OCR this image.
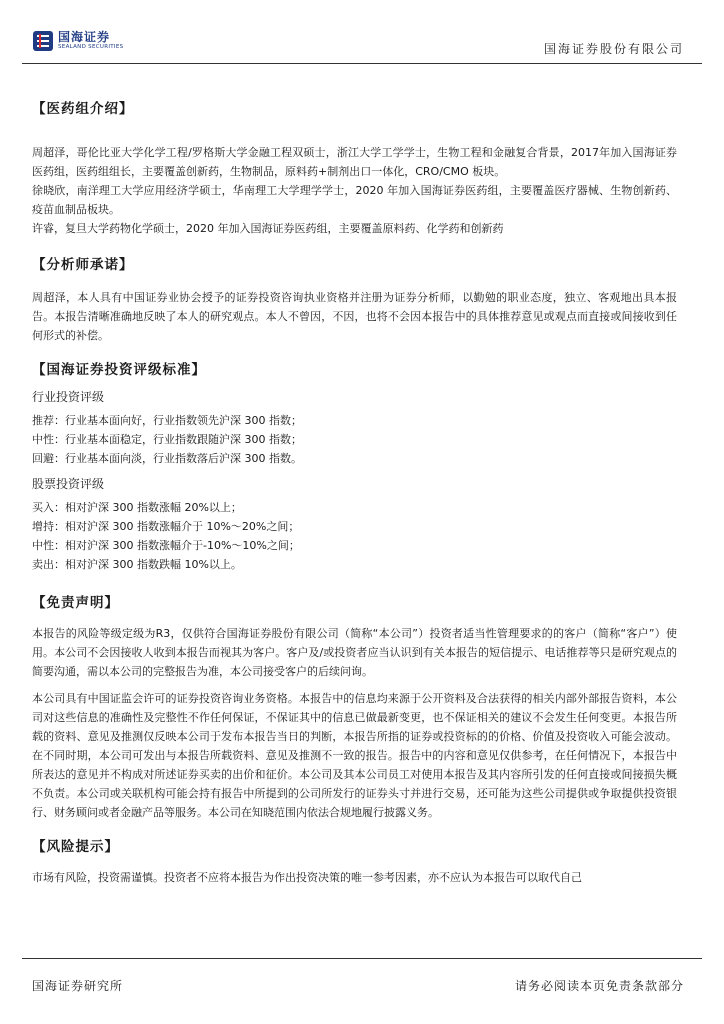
国海证券
SEALAND SECURITIES	国海证券股份有限公司
【医药组介绍】
周超泽，哥伦比亚大学化学工程/罗格斯大学金融工程双硕士，浙江大学工学学士，生物工程和金融复合背景，2017年加入国海证券医药组，医药组组长，主要覆盖创新药，生物制品，原料药+制剂出口一体化，CRO/CMO 板块。
徐晓欣，南洋理工大学应用经济学硕士，华南理工大学理学学士，2020 年加入国海证券医药组，主要覆盖医疗器械、生物创新药、疫苗血制品板块。
许睿，复旦大学药物化学硕士，2020 年加入国海证券医药组，主要覆盖原料药、化学药和创新药
【分析师承诺】
周超泽，本人具有中国证券业协会授予的证券投资咨询执业资格并注册为证券分析师，以勤勉的职业态度，独立、客观地出具本报告。本报告清晰准确地反映了本人的研究观点。本人不曾因，不因，也将不会因本报告中的具体推荐意见或观点而直接或间接收到任何形式的补偿。
【国海证券投资评级标准】
行业投资评级
推荐：行业基本面向好，行业指数领先沪深 300 指数；
中性：行业基本面稳定，行业指数跟随沪深 300 指数；
回避：行业基本面向淡，行业指数落后沪深 300 指数。
股票投资评级
买入：相对沪深 300 指数涨幅 20%以上；
增持：相对沪深 300 指数涨幅介于 10%～20%之间；
中性：相对沪深 300 指数涨幅介于-10%～10%之间；
卖出：相对沪深 300 指数跌幅 10%以上。
【免责声明】
本报告的风险等级定级为R3，仅供符合国海证券股份有限公司（简称“本公司”）投资者适当性管理要求的的客户（简称“客户”）使用。本公司不会因接收人收到本报告而视其为客户。客户及/或投资者应当认识到有关本报告的短信提示、电话推荐等只是研究观点的简要沟通，需以本公司的完整报告为准，本公司接受客户的后续问询。
本公司具有中国证监会许可的证券投资咨询业务资格。本报告中的信息均来源于公开资料及合法获得的相关内部外部报告资料，本公司对这些信息的准确性及完整性不作任何保证，不保证其中的信息已做最新变更，也不保证相关的建议不会发生任何变更。本报告所载的资料、意见及推测仅反映本公司于发布本报告当日的判断，本报告所指的证券或投资标的的价格、价值及投资收入可能会波动。在不同时期，本公司可发出与本报告所载资料、意见及推测不一致的报告。报告中的内容和意见仅供参考，在任何情况下，本报告中所表达的意见并不构成对所述证券买卖的出价和征价。本公司及其本公司员工对使用本报告及其内容所引发的任何直接或间接损失概不负责。本公司或关联机构可能会持有报告中所提到的公司所发行的证券头寸并进行交易，还可能为这些公司提供或争取提供投资银行、财务顾问或者金融产品等服务。本公司在知晓范围内依法合规地履行披露义务。
【风险提示】
市场有风险，投资需谨慎。投资者不应将本报告为作出投资决策的唯一参考因素，亦不应认为本报告可以取代自己
国海证券研究所	请务必阅读本页免责条款部分
